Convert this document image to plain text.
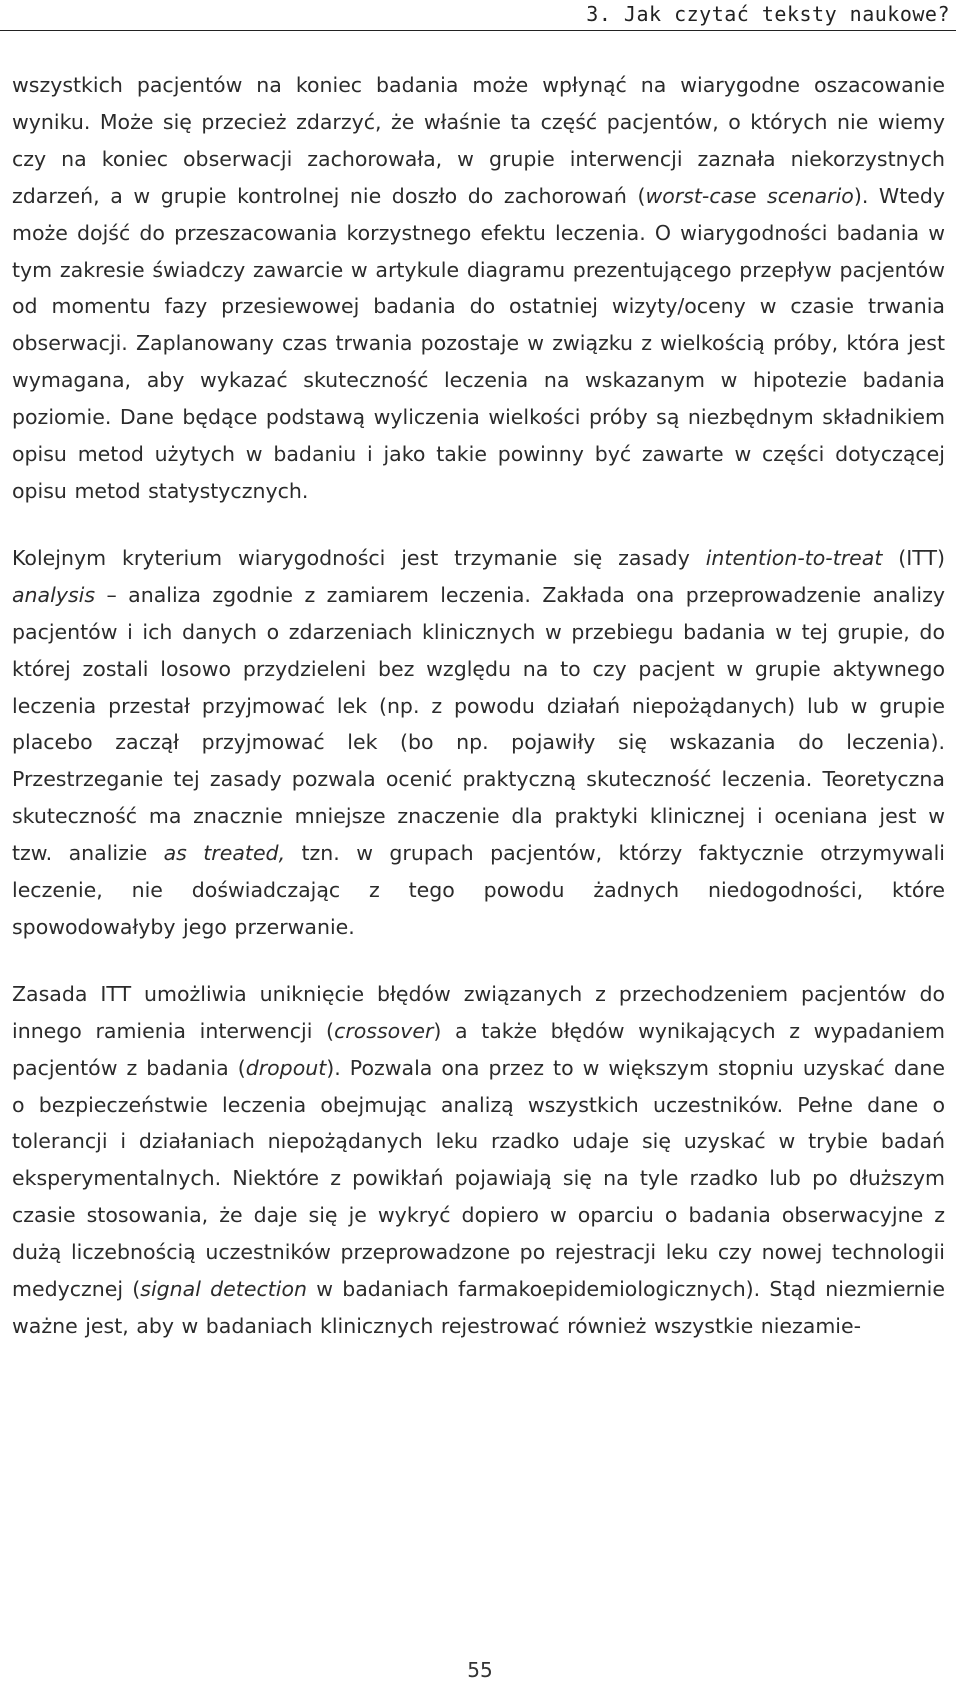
3. Jak czytać teksty naukowe?

wszystkich pacjentów na koniec badania może wpłynąć na wiarygodne oszacowanie wyniku. Może się przecież zdarzyć, że właśnie ta część pacjentów, o których nie wiemy czy na koniec obserwacji zachorowała, w grupie interwencji zaznała niekorzystnych zdarzeń, a w grupie kontrolnej nie doszło do zachorowań (worst-case scenario). Wtedy może dojść do przeszacowania korzystnego efektu leczenia. O wiarygodności badania w tym zakresie świadczy zawarcie w artykule diagramu prezentującego przepływ pacjentów od momentu fazy przesiewowej badania do ostatniej wizyty/oceny w czasie trwania obserwacji. Zaplanowany czas trwania pozostaje w związku z wielkością próby, która jest wymagana, aby wykazać skuteczność leczenia na wskazanym w hipotezie badania poziomie. Dane będące podstawą wyliczenia wielkości próby są niezbędnym składnikiem opisu metod użytych w badaniu i jako takie powinny być zawarte w części dotyczącej opisu metod statystycznych.

Kolejnym kryterium wiarygodności jest trzymanie się zasady intention-to-treat (ITT) analysis – analiza zgodnie z zamiarem leczenia. Zakłada ona przeprowadzenie analizy pacjentów i ich danych o zdarzeniach klinicznych w przebiegu badania w tej grupie, do której zostali losowo przydzieleni bez względu na to czy pacjent w grupie aktywnego leczenia przestał przyjmować lek (np. z powodu działań niepożądanych) lub w grupie placebo zaczął przyjmować lek (bo np. pojawiły się wskazania do leczenia). Przestrzeganie tej zasady pozwala ocenić praktyczną skuteczność leczenia. Teoretyczna skuteczność ma znacznie mniejsze znaczenie dla praktyki klinicznej i oceniana jest w tzw. analizie as treated, tzn. w grupach pacjentów, którzy faktycznie otrzymywali leczenie, nie doświadczając z tego powodu żadnych niedogodności, które spowodowałyby jego przerwanie.

Zasada ITT umożliwia uniknięcie błędów związanych z przechodzeniem pacjentów do innego ramienia interwencji (crossover) a także błędów wynikających z wypadaniem pacjentów z badania (dropout). Pozwala ona przez to w większym stopniu uzyskać dane o bezpieczeństwie leczenia obejmując analizą wszystkich uczestników. Pełne dane o tolerancji i działaniach niepożądanych leku rzadko udaje się uzyskać w trybie badań eksperymentalnych. Niektóre z powikłań pojawiają się na tyle rzadko lub po dłuższym czasie stosowania, że daje się je wykryć dopiero w oparciu o badania obserwacyjne z dużą liczebnością uczestników przeprowadzone po rejestracji leku czy nowej technologii medycznej (signal detection w badaniach farmakoepidemiologicznych). Stąd niezmiernie ważne jest, aby w badaniach klinicznych rejestrować również wszystkie niezamie-

55
